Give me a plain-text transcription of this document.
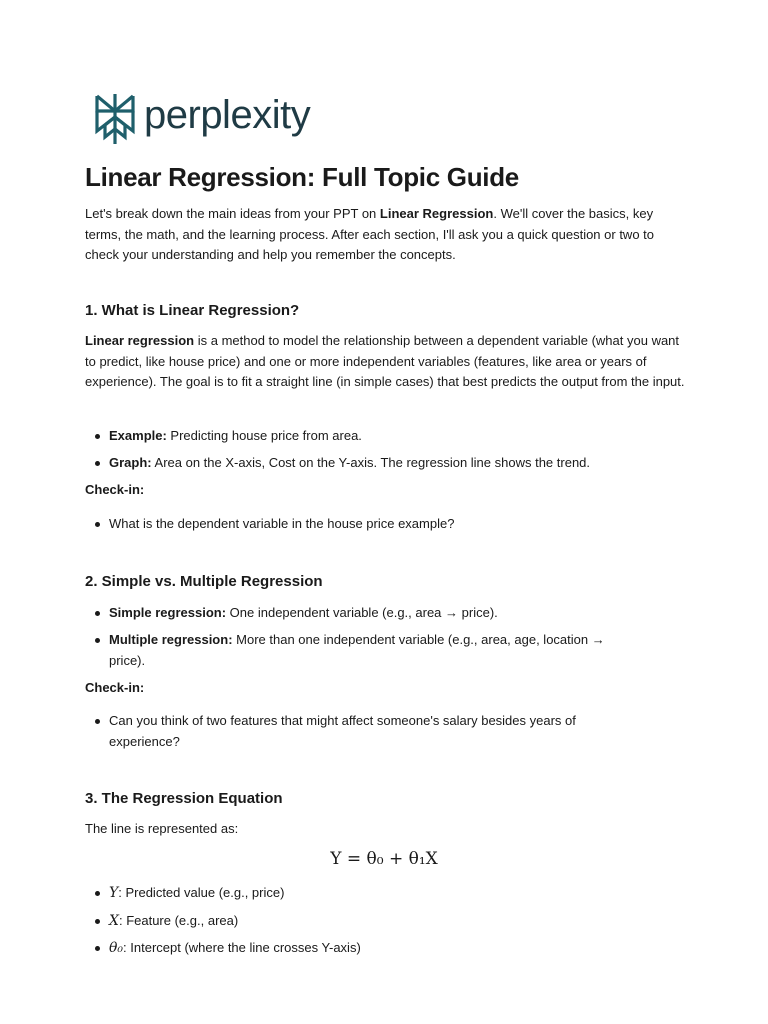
perplexity
Linear Regression: Full Topic Guide

Let's break down the main ideas from your PPT on Linear Regression. We'll cover the basics, key terms, the math, and the learning process. After each section, I'll ask you a quick question or two to check your understanding and help you remember the concepts.

1. What is Linear Regression?

Linear regression is a method to model the relationship between a dependent variable (what you want to predict, like house price) and one or more independent variables (features, like area or years of experience). The goal is to fit a straight line (in simple cases) that best predicts the output from the input.

Example: Predicting house price from area.
Graph: Area on the X-axis, Cost on the Y-axis. The regression line shows the trend.

Check-in:

What is the dependent variable in the house price example?
2. Simple vs. Multiple Regression
Simple regression: One independent variable (e.g., area → price).
Multiple regression: More than one independent variable (e.g., area, age, location → price).

Check-in:

Can you think of two features that might affect someone's salary besides years of experience?
3. The Regression Equation

The line is represented as:

Y = θ₀ + θ₁X
Y: Predicted value (e.g., price)
X: Feature (e.g., area)
θ₀: Intercept (where the line crosses Y-axis)
